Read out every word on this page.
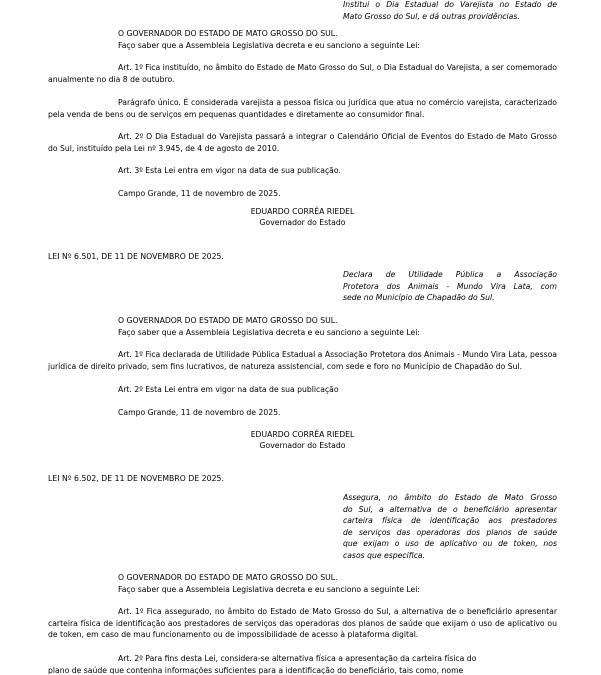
Institui o Dia Estadual do Varejista no Estado de
Mato Grosso do Sul, e dá outras providências.

O GOVERNADOR DO ESTADO DE MATO GROSSO DO SUL.

Faço saber que a Assembleia Legislativa decreta e eu sanciono a seguinte Lei:

Art. 1º Fica instituído, no âmbito do Estado de Mato Grosso do Sul, o Dia Estadual do Varejista, a ser comemorado anualmente no dia 8 de outubro.

Parágrafo único. É considerada varejista a pessoa física ou jurídica que atua no comércio varejista, caracterizado pela venda de bens ou de serviços em pequenas quantidades e diretamente ao consumidor final.

Art. 2º O Dia Estadual do Varejista passará a integrar o Calendário Oficial de Eventos do Estado de Mato Grosso do Sul, instituído pela Lei nº 3.945, de 4 de agosto de 2010.

Art. 3º Esta Lei entra em vigor na data de sua publicação.

Campo Grande, 11 de novembro de 2025.

EDUARDO CORRÊA RIEDEL

Governador do Estado

LEI Nº 6.501, DE 11 DE NOVEMBRO DE 2025.

Declara de Utilidade Pública a Associação
Protetora dos Animais - Mundo Vira Lata, com
sede no Município de Chapadão do Sul.

O GOVERNADOR DO ESTADO DE MATO GROSSO DO SUL.

Faço saber que a Assembleia Legislativa decreta e eu sanciono a seguinte Lei:

Art. 1º Fica declarada de Utilidade Pública Estadual a Associação Protetora dos Animais - Mundo Vira Lata, pessoa jurídica de direito privado, sem fins lucrativos, de natureza assistencial, com sede e foro no Município de Chapadão do Sul.

Art. 2º Esta Lei entra em vigor na data de sua publicação

Campo Grande, 11 de novembro de 2025.

EDUARDO CORRÊA RIEDEL

Governador do Estado

LEI Nº 6.502, DE 11 DE NOVEMBRO DE 2025.

Assegura, no âmbito do Estado de Mato Grosso
do Sul, a alternativa de o beneficiário apresentar
carteira física de identificação aos prestadores
de serviços das operadoras dos planos de saúde
que exijam o uso de aplicativo ou de token, nos
casos que especifica.

O GOVERNADOR DO ESTADO DE MATO GROSSO DO SUL.

Faço saber que a Assembleia Legislativa decreta e eu sanciono a seguinte Lei:

Art. 1º Fica assegurado, no âmbito do Estado de Mato Grosso do Sul, a alternativa de o beneficiário apresentar carteira física de identificação aos prestadores de serviços das operadoras dos planos de saúde que exijam o uso de aplicativo ou de token, em caso de mau funcionamento ou de impossibilidade de acesso à plataforma digital.

Art. 2º Para fins desta Lei, considera-se alternativa física a apresentação da carteira física do

plano de saúde que contenha informações suficientes para a identificação do beneficiário, tais como, nome
